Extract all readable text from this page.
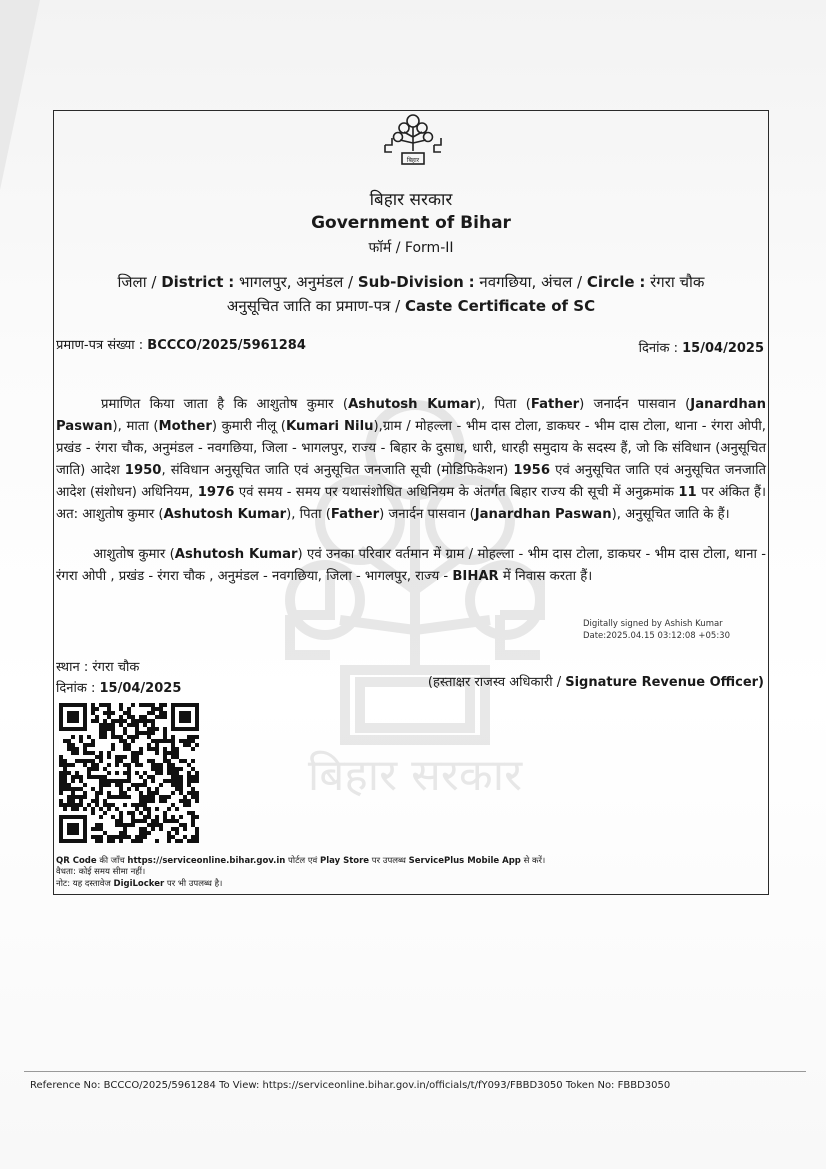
बिहार सरकार
बिहार
बिहार सरकार
Government of Bihar
फॉर्म / Form-II
जिला / District : भागलपुर, अनुमंडल / Sub-Division : नवगछिया, अंचल / Circle : रंगरा चौक
अनुसूचित जाति का प्रमाण-पत्र / Caste Certificate of SC
प्रमाण-पत्र संख्या : BCCCO/2025/5961284	दिनांक : 15/04/2025
प्रमाणित किया जाता है कि आशुतोष कुमार (Ashutosh Kumar), पिता (Father) जनार्दन पासवान (Janardhan Paswan), माता (Mother) कुमारी नीलू (Kumari Nilu),ग्राम / मोहल्ला - भीम दास टोला, डाकघर - भीम दास टोला, थाना - रंगरा ओपी, प्रखंड - रंगरा चौक, अनुमंडल - नवगछिया, जिला - भागलपुर, राज्य - बिहार के दुसाध, धारी, धारही समुदाय के सदस्य हैं, जो कि संविधान (अनुसूचित जाति) आदेश 1950, संविधान अनुसूचित जाति एवं अनुसूचित जनजाति सूची (मोडिफिकेशन) 1956 एवं अनुसूचित जाति एवं अनुसूचित जनजाति आदेश (संशोधन) अधिनियम, 1976 एवं समय - समय पर यथासंशोधित अधिनियम के अंतर्गत बिहार राज्य की सूची में अनुक्रमांक 11 पर अंकित हैं। अत: आशुतोष कुमार (Ashutosh Kumar), पिता (Father) जनार्दन पासवान (Janardhan Paswan), अनुसूचित जाति के हैं।
आशुतोष कुमार (Ashutosh Kumar) एवं उनका परिवार वर्तमान में ग्राम / मोहल्ला - भीम दास टोला, डाकघर - भीम दास टोला, थाना - रंगरा ओपी , प्रखंड - रंगरा चौक , अनुमंडल - नवगछिया, जिला - भागलपुर, राज्य - BIHAR में निवास करता हैं।
Digitally signed by Ashish Kumar
Date:2025.04.15 03:12:08 +05:30
स्थान : रंगरा चौक
दिनांक : 15/04/2025	(हस्ताक्षर राजस्व अधिकारी / Signature Revenue Officer)
QR Code की जाँच https://serviceonline.bihar.gov.in पोर्टल एवं Play Store पर उपलब्ध ServicePlus Mobile App से करें।
वैधता: कोई समय सीमा नहीं।
नोट: यह दस्तावेज DigiLocker पर भी उपलब्ध है।
Reference No: BCCCO/2025/5961284 To View: https://serviceonline.bihar.gov.in/officials/t/fY093/FBBD3050 Token No: FBBD3050
